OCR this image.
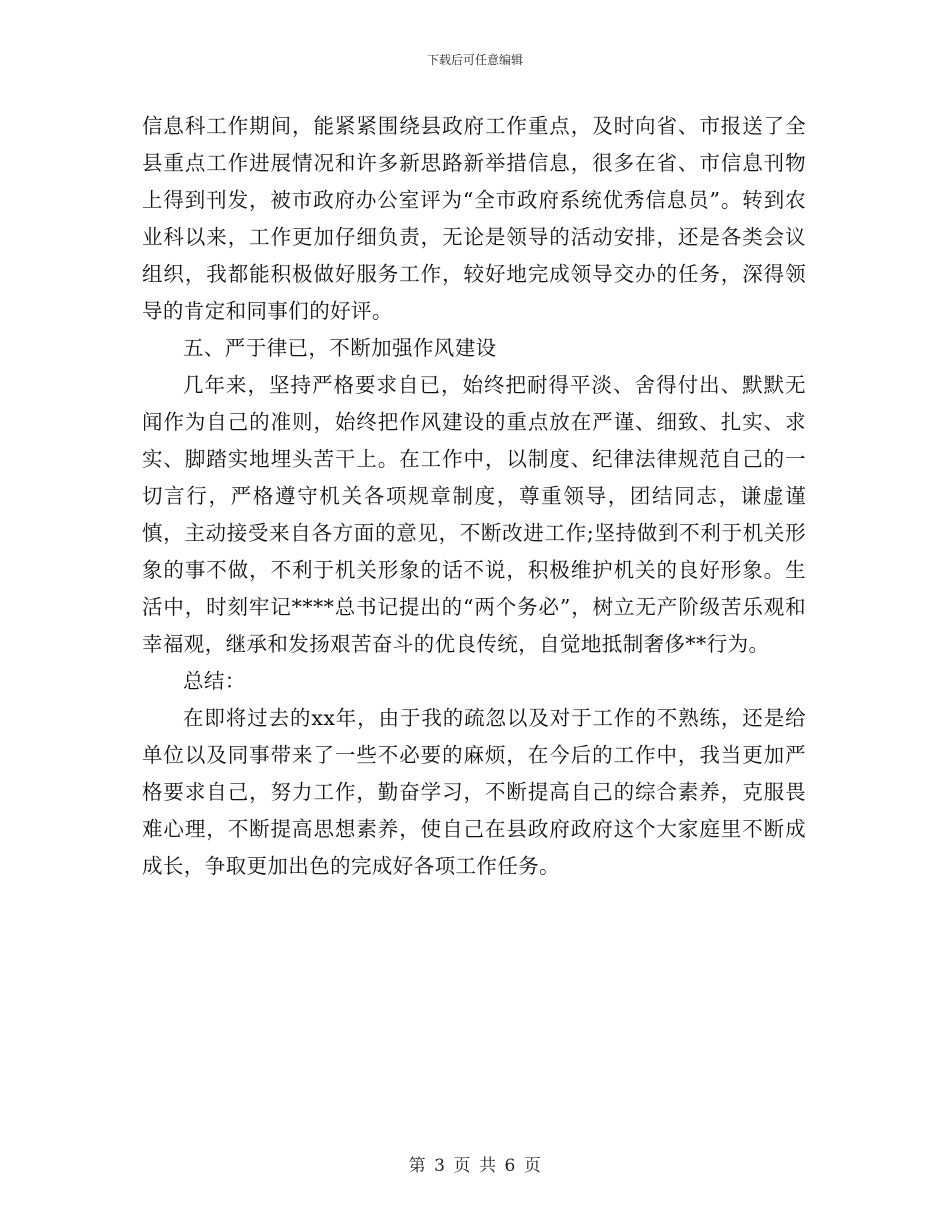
下载后可任意编辑

信息科工作期间，能紧紧围绕县政府工作重点，及时向省、市报送了全县重点工作进展情况和许多新思路新举措信息，很多在省、市信息刊物上得到刊发，被市政府办公室评为“全市政府系统优秀信息员”。转到农业科以来，工作更加仔细负责，无论是领导的活动安排，还是各类会议组织，我都能积极做好服务工作，较好地完成领导交办的任务，深得领导的肯定和同事们的好评。

五、严于律已，不断加强作风建设

几年来，坚持严格要求自已，始终把耐得平淡、舍得付出、默默无闻作为自己的准则，始终把作风建设的重点放在严谨、细致、扎实、求实、脚踏实地埋头苦干上。在工作中，以制度、纪律法律规范自己的一切言行，严格遵守机关各项规章制度，尊重领导，团结同志，谦虚谨慎，主动接受来自各方面的意见，不断改进工作;坚持做到不利于机关形象的事不做，不利于机关形象的话不说，积极维护机关的良好形象。生活中，时刻牢记****总书记提出的“两个务必”，树立无产阶级苦乐观和幸福观，继承和发扬艰苦奋斗的优良传统，自觉地抵制奢侈**行为。

总结：

在即将过去的xx年，由于我的疏忽以及对于工作的不熟练，还是给单位以及同事带来了一些不必要的麻烦，在今后的工作中，我当更加严格要求自己，努力工作，勤奋学习，不断提高自己的综合素养，克服畏难心理，不断提高思想素养，使自己在县政府政府这个大家庭里不断成成长，争取更加出色的完成好各项工作任务。

第 3 页 共 6 页
